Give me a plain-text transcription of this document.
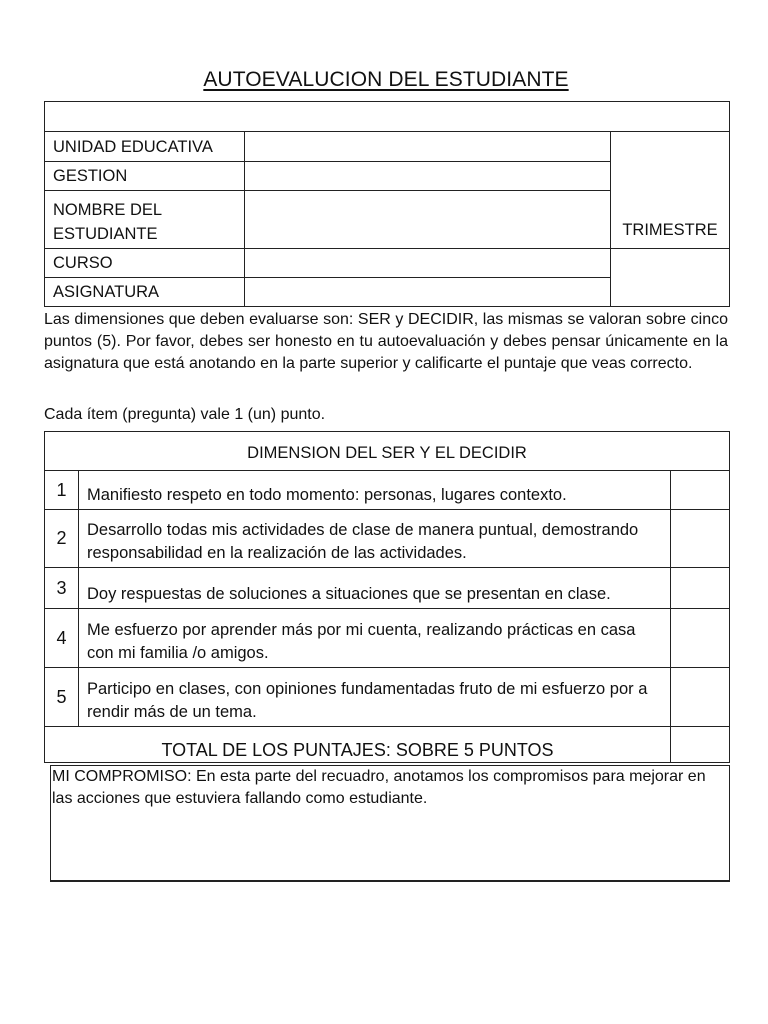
AUTOEVALUCION DEL ESTUDIANTE

UNIDAD EDUCATIVA		TRIMESTRE
GESTION		
NOMBRE DEL
ESTUDIANTE		
CURSO		
ASIGNATURA		

Las dimensiones que deben evaluarse son: SER y DECIDIR, las mismas se valoran sobre cinco puntos (5). Por favor, debes ser honesto en tu autoevaluación y debes pensar únicamente en la asignatura que está anotando en la parte superior y calificarte el puntaje que veas correcto.

Cada ítem (pregunta) vale 1 (un) punto.

DIMENSION DEL SER Y EL DECIDIR		
1	Manifiesto respeto en todo momento: personas, lugares contexto.	
2	Desarrollo todas mis actividades de clase de manera puntual, demostrando responsabilidad en la realización de las actividades.	
3	Doy respuestas de soluciones a situaciones que se presentan en clase.	
4	Me esfuerzo por aprender más por mi cuenta, realizando prácticas en casa con mi familia /o amigos.	
5	Participo en clases, con opiniones fundamentadas fruto de mi esfuerzo por a rendir más de un tema.	
TOTAL DE LOS PUNTAJES: SOBRE 5 PUNTOS		
MI COMPROMISO: En esta parte del recuadro, anotamos los compromisos para mejorar en las acciones que estuviera fallando como estudiante.
